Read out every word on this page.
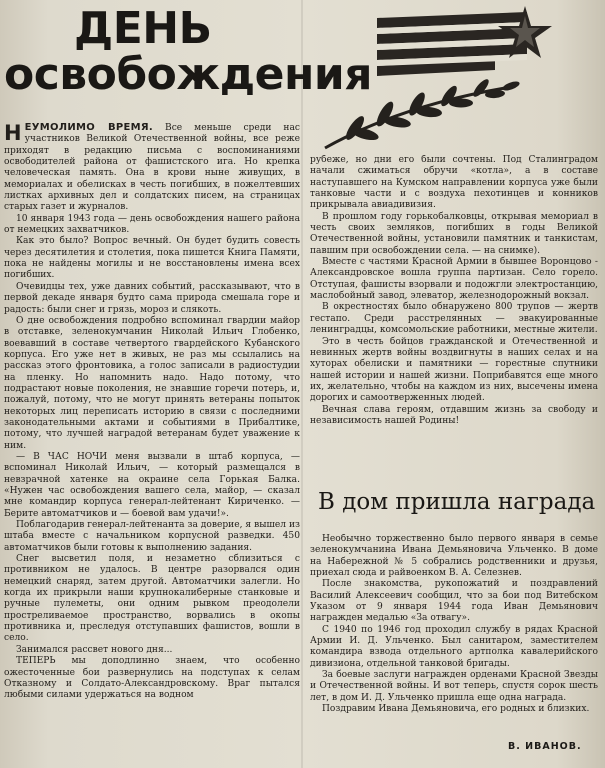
ДЕНЬ
освобождения

НЕУМОЛИМО ВРЕМЯ. Все меньше среди нас участников Великой Отечественной войны, все реже приходят в редакцию письма с воспоминаниями освободителей района от фашистского ига. Но крепка человеческая память. Она в крови ныне живущих, в мемориалах и обелисках в честь погибших, в пожелтевших листках архивных дел и солдатских писем, на страницах старых газет и журналов.

10 января 1943 года — день освобождения нашего района от немецких захватчиков.

Как это было? Вопрос вечный. Он будет будить совесть через десятилетия и столетия, пока пишется Книга Памяти, пока не найдены могилы и не восстановлены имена всех погибших.

Очевидцы тех, уже давних событий, рассказывают, что в первой декаде января будто сама природа смешала горе и радость: были снег и грязь, мороз и слякоть.

О дне освобождения подробно вспоминал гвардии майор в отставке, зеленокумчанин Николай Ильич Глобенко, воевавший в составе четвертого гвардейского Кубанского корпуса. Его уже нет в живых, не раз мы ссылались на рассказ этого фронтовика, а голос записали в радиостудии на пленку. Но напомнить надо. Надо потому, что подрастают новые поколения, не знавшие горечи потерь, и, пожалуй, потому, что не могут принять ветераны попыток некоторых лиц переписать историю в связи с последними законодательными актами и событиями в Прибалтике, потому, что лучшей наградой ветеранам будет уважение к ним.

— В ЧАС НОЧИ меня вызвали в штаб корпуса, — вспоминал Николай Ильич, — который размещался в невзрачной хатенке на окраине села Горькая Балка. «Нужен час освобождения вашего села, майор, — сказал мне командир корпуса генерал-лейтенант Кириченко. — Берите автоматчиков и — боевой вам удачи!».

Поблагодарив генерал-лейтенанта за доверие, я вышел из штаба вместе с начальником корпусной разведки. 450 автоматчиков были готовы к выполнению задания.

Снег высветил поля, и незаметно сблизиться с противником не удалось. В центре разорвался один немецкий снаряд, затем другой. Автоматчики залегли. Но когда их прикрыли наши крупнокалиберные станковые и ручные пулеметы, они одним рывком преодолели простреливаемое пространство, ворвались в окопы противника и, преследуя отступавших фашистов, вошли в село.

Занимался рассвет нового дня...

ТЕПЕРЬ мы доподлинно знаем, что особенно ожесточенные бои развернулись на подступах к селам Отказному и Солдато-Александровскому. Враг пытался любыми силами удержаться на водном

рубеже, но дни его были сочтены. Под Сталинградом начали сжиматься обручи «котла», а в составе наступавшего на Кумском направлении корпуса уже были танковые части и с воздуха пехотинцев и конников прикрывала авиадивизия.

В прошлом году горькобалковцы, открывая мемориал в честь своих земляков, погибших в годы Великой Отечественной войны, установили памятник и танкистам, павшим при освобождении села. — на снимке).

Вместе с частями Красной Армии в бывшее Воронцово - Александровское вошла группа партизан. Село горело. Отступая, фашисты взорвали и подожгли электростанцию, маслобойный завод, элеватор, железнодорожный вокзал.

В окрестностях было обнаружено 800 трупов — жертв гестапо. Среди расстрелянных — эвакуированные ленинградцы, комсомольские работники, местные жители.

Это в честь бойцов гражданской и Отечественной и невинных жертв войны воздвигнуты в наших селах и на хуторах обелиски и памятники — горестные спутники нашей истории и нашей жизни. Поприбавятся еще много их, желательно, чтобы на каждом из них, высечены имена дорогих и самоотверженных людей.

Вечная слава героям, отдавшим жизнь за свободу и независимость нашей Родины!

В дом пришла награда

Необычно торжественно было первого января в семье зеленокумчанина Ивана Демьяновича Ульченко. В доме на Набережной № 5 собрались родственники и друзья, приехал сюда и райвоенком В. А. Селезнев.

После знакомства, рукопожатий и поздравлений Василий Алексеевич сообщил, что за бои под Витебском Указом от 9 января 1944 года Иван Демьянович награжден медалью «За отвагу».

С 1940 по 1946 год проходил службу в рядах Красной Армии И. Д. Ульченко. Был санитаром, заместителем командира взвода отдельного артполка кавалерийского дивизиона, отдельной танковой бригады.

За боевые заслуги награжден орденами Красной Звезды и Отечественной войны. И вот теперь, спустя сорок шесть лет, в дом И. Д. Ульченко пришла еще одна награда.

Поздравим Ивана Демьяновича, его родных и близких.

В. ИВАНОВ.
